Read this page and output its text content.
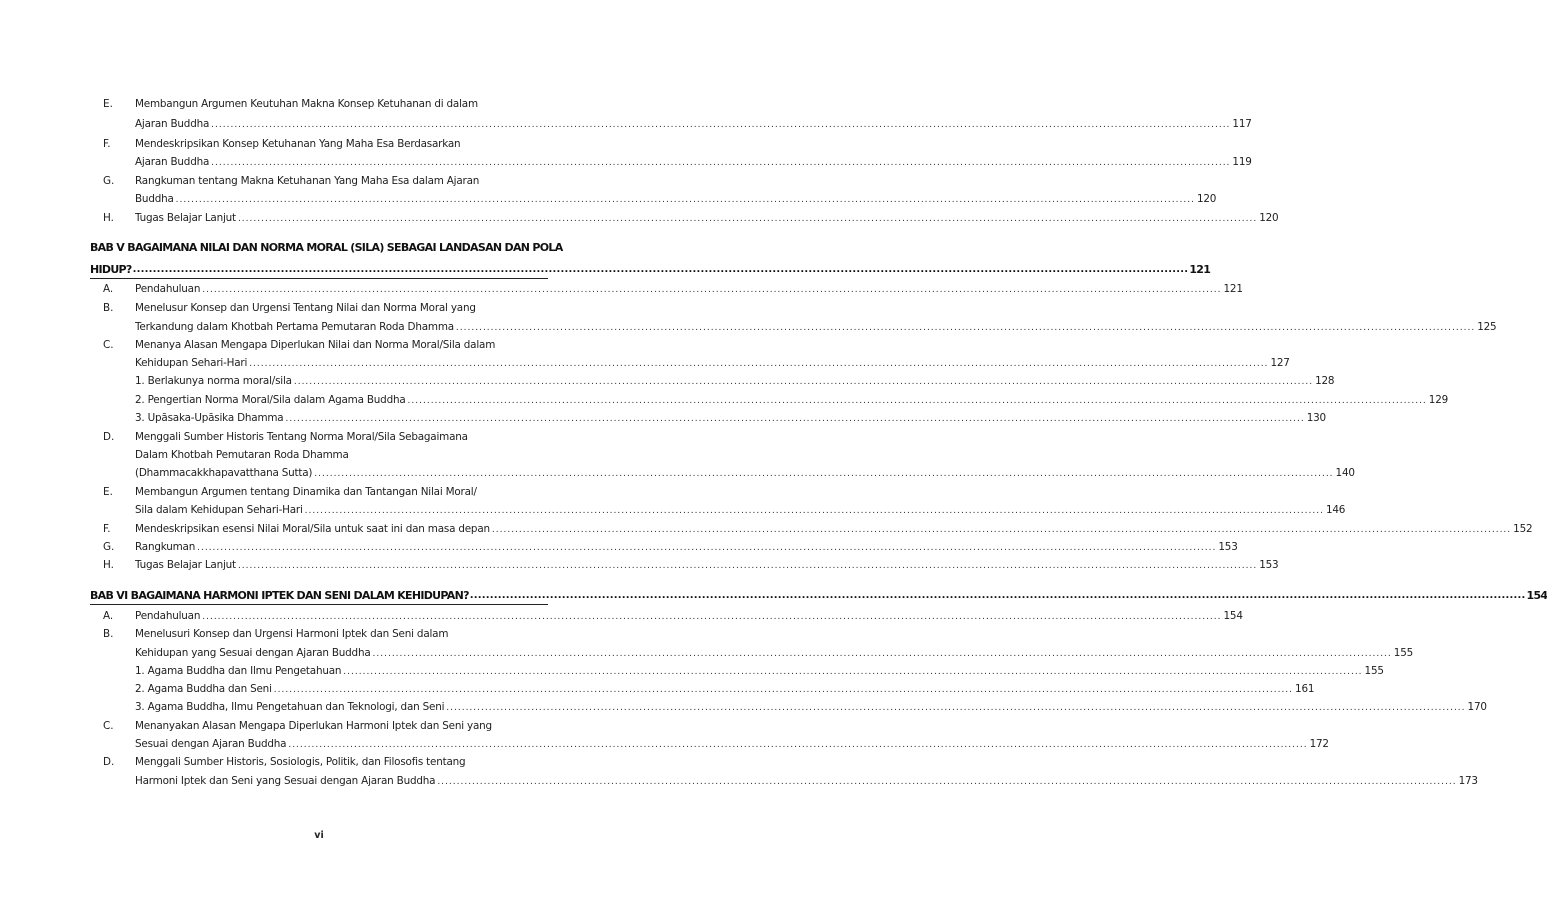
E. Membangun Argumen Keutuhan Makna Konsep Ketuhanan di dalam
Ajaran Buddha ........................................................................................................................................................................................................................................................................ 117
F. Mendeskripsikan Konsep Ketuhanan Yang Maha Esa Berdasarkan
Ajaran Buddha ........................................................................................................................................................................................................................................................................ 119
G. Rangkuman tentang Makna Ketuhanan Yang Maha Esa dalam Ajaran
Buddha ........................................................................................................................................................................................................................................................................ 120
H. Tugas Belajar Lanjut ........................................................................................................................................................................................................................................................................ 120
BAB V BAGAIMANA NILAI DAN NORMA MORAL (SILA) SEBAGAI LANDASAN DAN POLA
HIDUP? ........................................................................................................................................................................................................................................................................ 121
A. Pendahuluan ........................................................................................................................................................................................................................................................................ 121
B. Menelusur Konsep dan Urgensi Tentang Nilai dan Norma Moral yang
Terkandung dalam Khotbah Pertama Pemutaran Roda Dhamma ........................................................................................................................................................................................................................................................................ 125
C. Menanya Alasan Mengapa Diperlukan Nilai dan Norma Moral/Sila dalam
Kehidupan Sehari-Hari ........................................................................................................................................................................................................................................................................ 127
1. Berlakunya norma moral/sila ........................................................................................................................................................................................................................................................................ 128
2. Pengertian Norma Moral/Sila dalam Agama Buddha ........................................................................................................................................................................................................................................................................ 129
3. Upāsaka-Upāsika Dhamma ........................................................................................................................................................................................................................................................................ 130
D. Menggali Sumber Historis Tentang Norma Moral/Sila Sebagaimana
Dalam Khotbah Pemutaran Roda Dhamma
(Dhammacakkhapavatthana Sutta) ........................................................................................................................................................................................................................................................................ 140
E. Membangun Argumen tentang Dinamika dan Tantangan Nilai Moral/
Sila dalam Kehidupan Sehari-Hari ........................................................................................................................................................................................................................................................................ 146
F. Mendeskripsikan esensi Nilai Moral/Sila untuk saat ini dan masa depan ........................................................................................................................................................................................................................................................................ 152
G. Rangkuman ........................................................................................................................................................................................................................................................................ 153
H. Tugas Belajar Lanjut ........................................................................................................................................................................................................................................................................ 153
BAB VI BAGAIMANA HARMONI IPTEK DAN SENI DALAM KEHIDUPAN? ........................................................................................................................................................................................................................................................................ 154
A. Pendahuluan ........................................................................................................................................................................................................................................................................ 154
B. Menelusuri Konsep dan Urgensi Harmoni Iptek dan Seni dalam
Kehidupan yang Sesuai dengan Ajaran Buddha ........................................................................................................................................................................................................................................................................ 155
1. Agama Buddha dan Ilmu Pengetahuan ........................................................................................................................................................................................................................................................................ 155
2. Agama Buddha dan Seni ........................................................................................................................................................................................................................................................................ 161
3. Agama Buddha, Ilmu Pengetahuan dan Teknologi, dan Seni ........................................................................................................................................................................................................................................................................ 170
C. Menanyakan Alasan Mengapa Diperlukan Harmoni Iptek dan Seni yang
Sesuai dengan Ajaran Buddha ........................................................................................................................................................................................................................................................................ 172
D. Menggali Sumber Historis, Sosiologis, Politik, dan Filosofis tentang
Harmoni Iptek dan Seni yang Sesuai dengan Ajaran Buddha ........................................................................................................................................................................................................................................................................ 173
vi
